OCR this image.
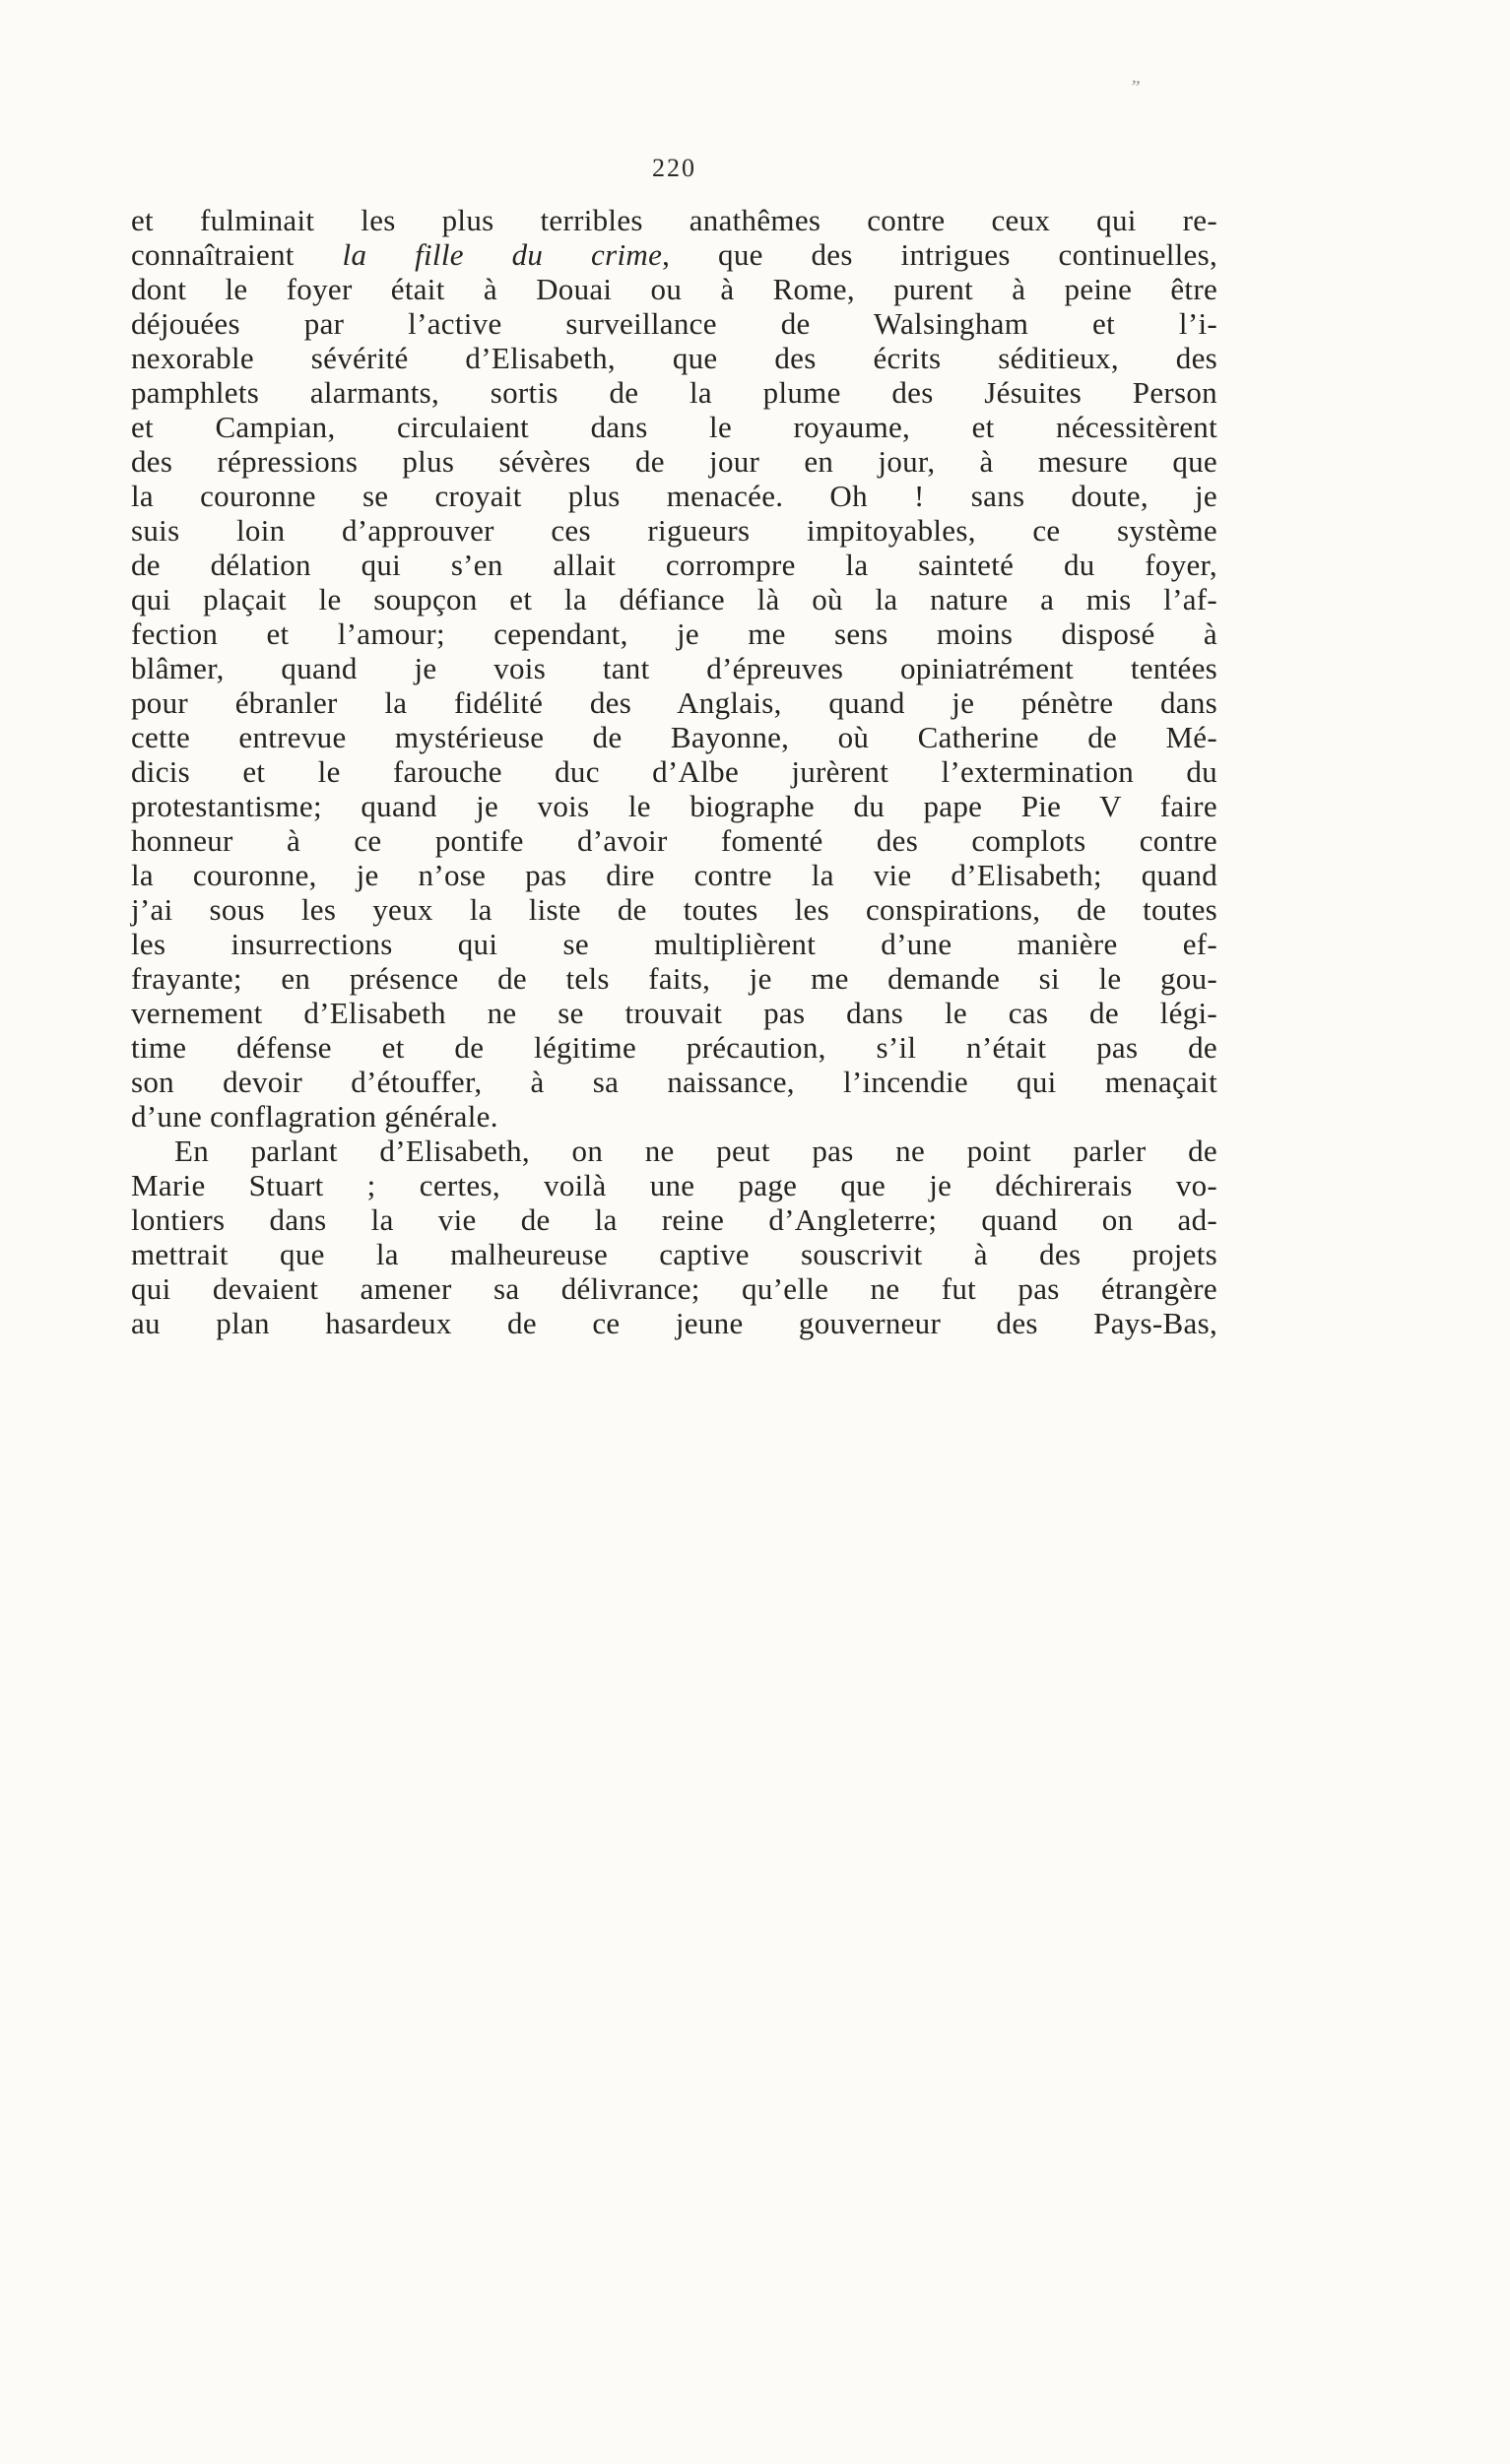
”
220
et fulminait les plus terribles anathêmes contre ceux qui re-
connaîtraient la fille du crime, que des intrigues continuelles,
dont le foyer était à Douai ou à Rome, purent à peine être
déjouées par l’active surveillance de Walsingham et l’i-
nexorable sévérité d’Elisabeth, que des écrits séditieux, des
pamphlets alarmants, sortis de la plume des Jésuites Person
et Campian, circulaient dans le royaume, et nécessitèrent
des répressions plus sévères de jour en jour, à mesure que
la couronne se croyait plus menacée. Oh ! sans doute, je
suis loin d’approuver ces rigueurs impitoyables, ce système
de délation qui s’en allait corrompre la sainteté du foyer,
qui plaçait le soupçon et la défiance là où la nature a mis l’af-
fection et l’amour; cependant, je me sens moins disposé à
blâmer, quand je vois tant d’épreuves opiniatrément tentées
pour ébranler la fidélité des Anglais, quand je pénètre dans
cette entrevue mystérieuse de Bayonne, où Catherine de Mé-
dicis et le farouche duc d’Albe jurèrent l’extermination du
protestantisme; quand je vois le biographe du pape Pie V faire
honneur à ce pontife d’avoir fomenté des complots contre
la couronne, je n’ose pas dire contre la vie d’Elisabeth; quand
j’ai sous les yeux la liste de toutes les conspirations, de toutes
les insurrections qui se multiplièrent d’une manière ef-
frayante; en présence de tels faits, je me demande si le gou-
vernement d’Elisabeth ne se trouvait pas dans le cas de légi-
time défense et de légitime précaution, s’il n’était pas de
son devoir d’étouffer, à sa naissance, l’incendie qui menaçait
d’une conflagration générale.
En parlant d’Elisabeth, on ne peut pas ne point parler de
Marie Stuart ; certes, voilà une page que je déchirerais vo-
lontiers dans la vie de la reine d’Angleterre; quand on ad-
mettrait que la malheureuse captive souscrivit à des projets
qui devaient amener sa délivrance; qu’elle ne fut pas étrangère
au plan hasardeux de ce jeune gouverneur des Pays-Bas,
